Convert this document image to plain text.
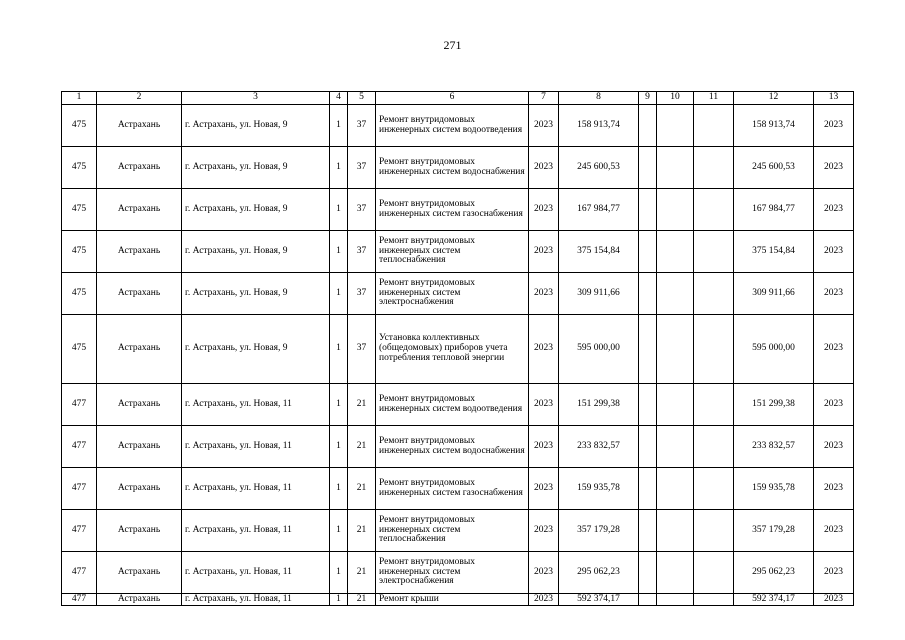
271
1	2	3	4	5	6	7	8	9	10	11	12	13
475	Астрахань	г. Астрахань, ул. Новая, 9	1	37	Ремонт внутридомовых инженерных систем водоотведения	2023	158 913,74				158 913,74	2023
475	Астрахань	г. Астрахань, ул. Новая, 9	1	37	Ремонт внутридомовых инженерных систем водоснабжения	2023	245 600,53				245 600,53	2023
475	Астрахань	г. Астрахань, ул. Новая, 9	1	37	Ремонт внутридомовых инженерных систем газоснабжения	2023	167 984,77				167 984,77	2023
475	Астрахань	г. Астрахань, ул. Новая, 9	1	37	Ремонт внутридомовых инженерных систем теплоснабжения	2023	375 154,84				375 154,84	2023
475	Астрахань	г. Астрахань, ул. Новая, 9	1	37	Ремонт внутридомовых инженерных систем электроснабжения	2023	309 911,66				309 911,66	2023
475	Астрахань	г. Астрахань, ул. Новая, 9	1	37	Установка коллективных (общедомовых) приборов учета потребления тепловой энергии	2023	595 000,00				595 000,00	2023
477	Астрахань	г. Астрахань, ул. Новая, 11	1	21	Ремонт внутридомовых инженерных систем водоотведения	2023	151 299,38				151 299,38	2023
477	Астрахань	г. Астрахань, ул. Новая, 11	1	21	Ремонт внутридомовых инженерных систем водоснабжения	2023	233 832,57				233 832,57	2023
477	Астрахань	г. Астрахань, ул. Новая, 11	1	21	Ремонт внутридомовых инженерных систем газоснабжения	2023	159 935,78				159 935,78	2023
477	Астрахань	г. Астрахань, ул. Новая, 11	1	21	Ремонт внутридомовых инженерных систем теплоснабжения	2023	357 179,28				357 179,28	2023
477	Астрахань	г. Астрахань, ул. Новая, 11	1	21	Ремонт внутридомовых инженерных систем электроснабжения	2023	295 062,23				295 062,23	2023
477	Астрахань	г. Астрахань, ул. Новая, 11	1	21	Ремонт крыши	2023	592 374,17				592 374,17	2023
